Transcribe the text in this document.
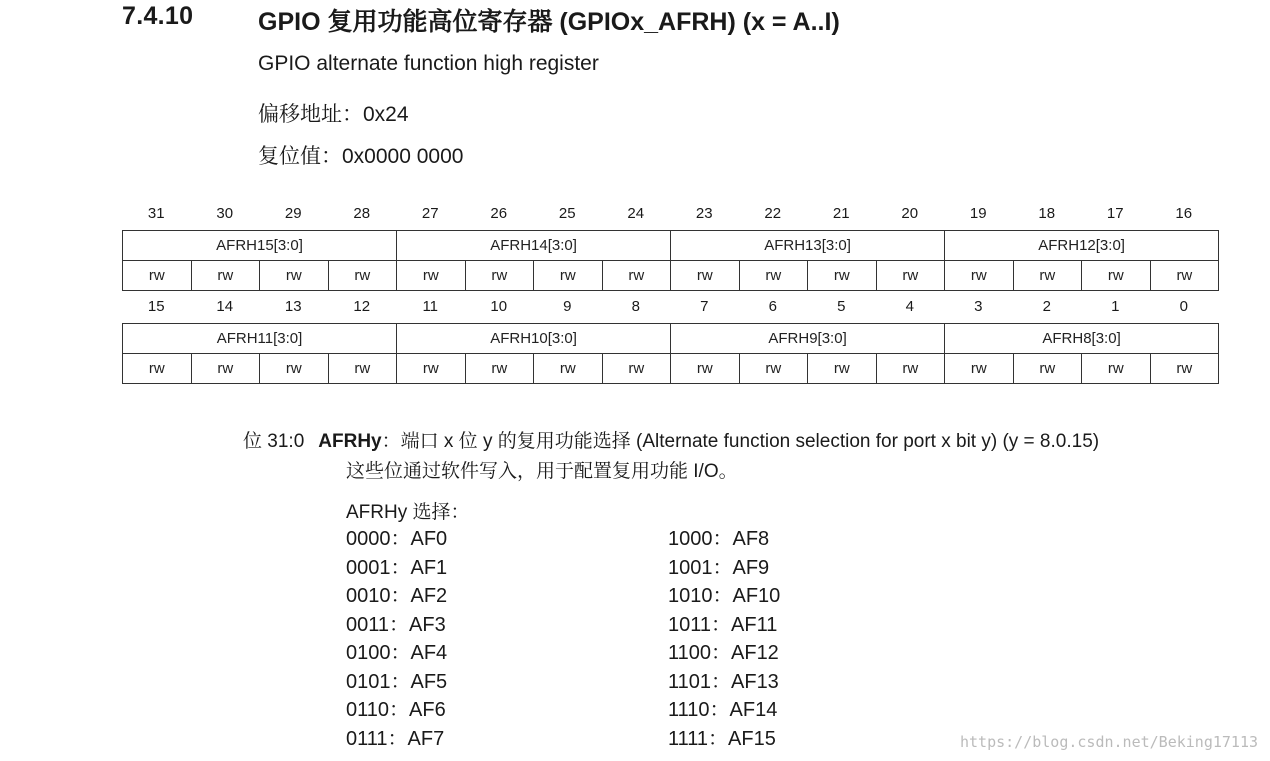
7.4.10	GPIO 复用功能高位寄存器 (GPIOx_AFRH) (x = A..I)
GPIO alternate function high register
偏移地址：0x24
复位值：0x0000 0000
31	30	29	28	27	26	25	24	23	22	21	20	19	18	17	16
AFRH15[3:0]				AFRH14[3:0]				AFRH13[3:0]				AFRH12[3:0]			
rw	rw	rw	rw	rw	rw	rw	rw	rw	rw	rw	rw	rw	rw	rw	rw
15	14	13	12	11	10	9	8	7	6	5	4	3	2	1	0
AFRH11[3:0]				AFRH10[3:0]				AFRH9[3:0]				AFRH8[3:0]			
rw	rw	rw	rw	rw	rw	rw	rw	rw	rw	rw	rw	rw	rw	rw	rw
位 31:0 AFRHy：端口 x 位 y 的复用功能选择 (Alternate function selection for port x bit y) (y = 8.0.15)
这些位通过软件写入，用于配置复用功能 I/O。
AFRHy 选择：
0000：AF0
0001：AF1
0010：AF2
0011：AF3
0100：AF4
0101：AF5
0110：AF6
0111：AF7
1000：AF8
1001：AF9
1010：AF10
1011：AF11
1100：AF12
1101：AF13
1110：AF14
1111：AF15	https://blog.csdn.net/Beking17113
